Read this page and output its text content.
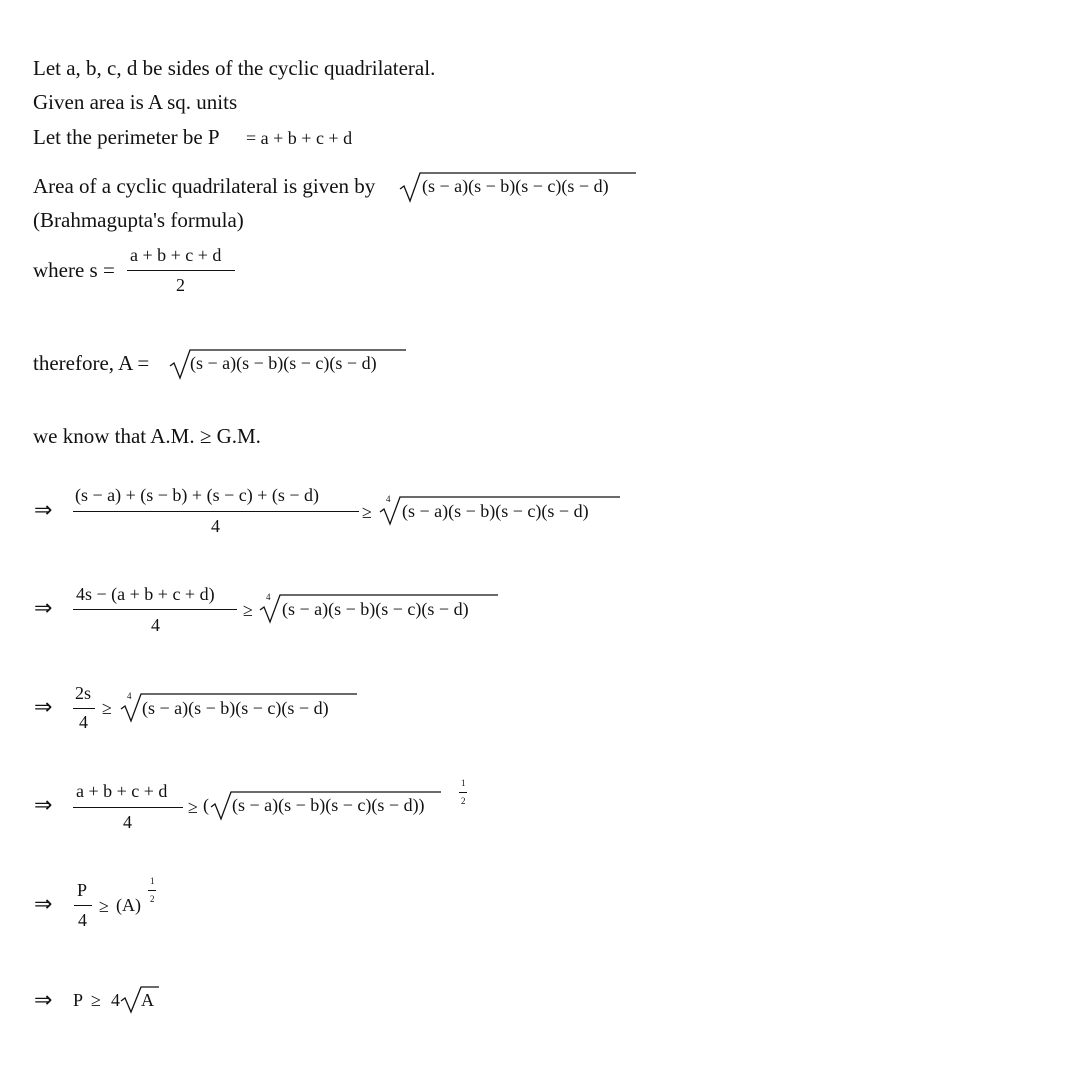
Let a, b, c, d be sides of the cyclic quadrilateral.
Given area is A sq. units
Let the perimeter be P = a + b + c + d
Area of a cyclic quadrilateral is given by	(s − a)(s − b)(s − c)(s − d)
(Brahmagupta's formula)
where s =
a + b + c + d
2
therefore, A = (s − a)(s − b)(s − c)(s − d)
we know that A.M. ≥ G.M.
⇒
(s − a) + (s − b) + (s − c) + (s − d)
4
≥
4
(s − a)(s − b)(s − c)(s − d)
⇒
4s − (a + b + c + d)
4
≥
4
(s − a)(s − b)(s − c)(s − d)
⇒
2s
4
≥
4
(s − a)(s − b)(s − c)(s − d)
⇒
a + b + c + d
4
≥ ( (s − a)(s − b)(s − c)(s − d))
1
2
⇒
P
4
≥ (A)
1
2
⇒ P ≥ 4 A
